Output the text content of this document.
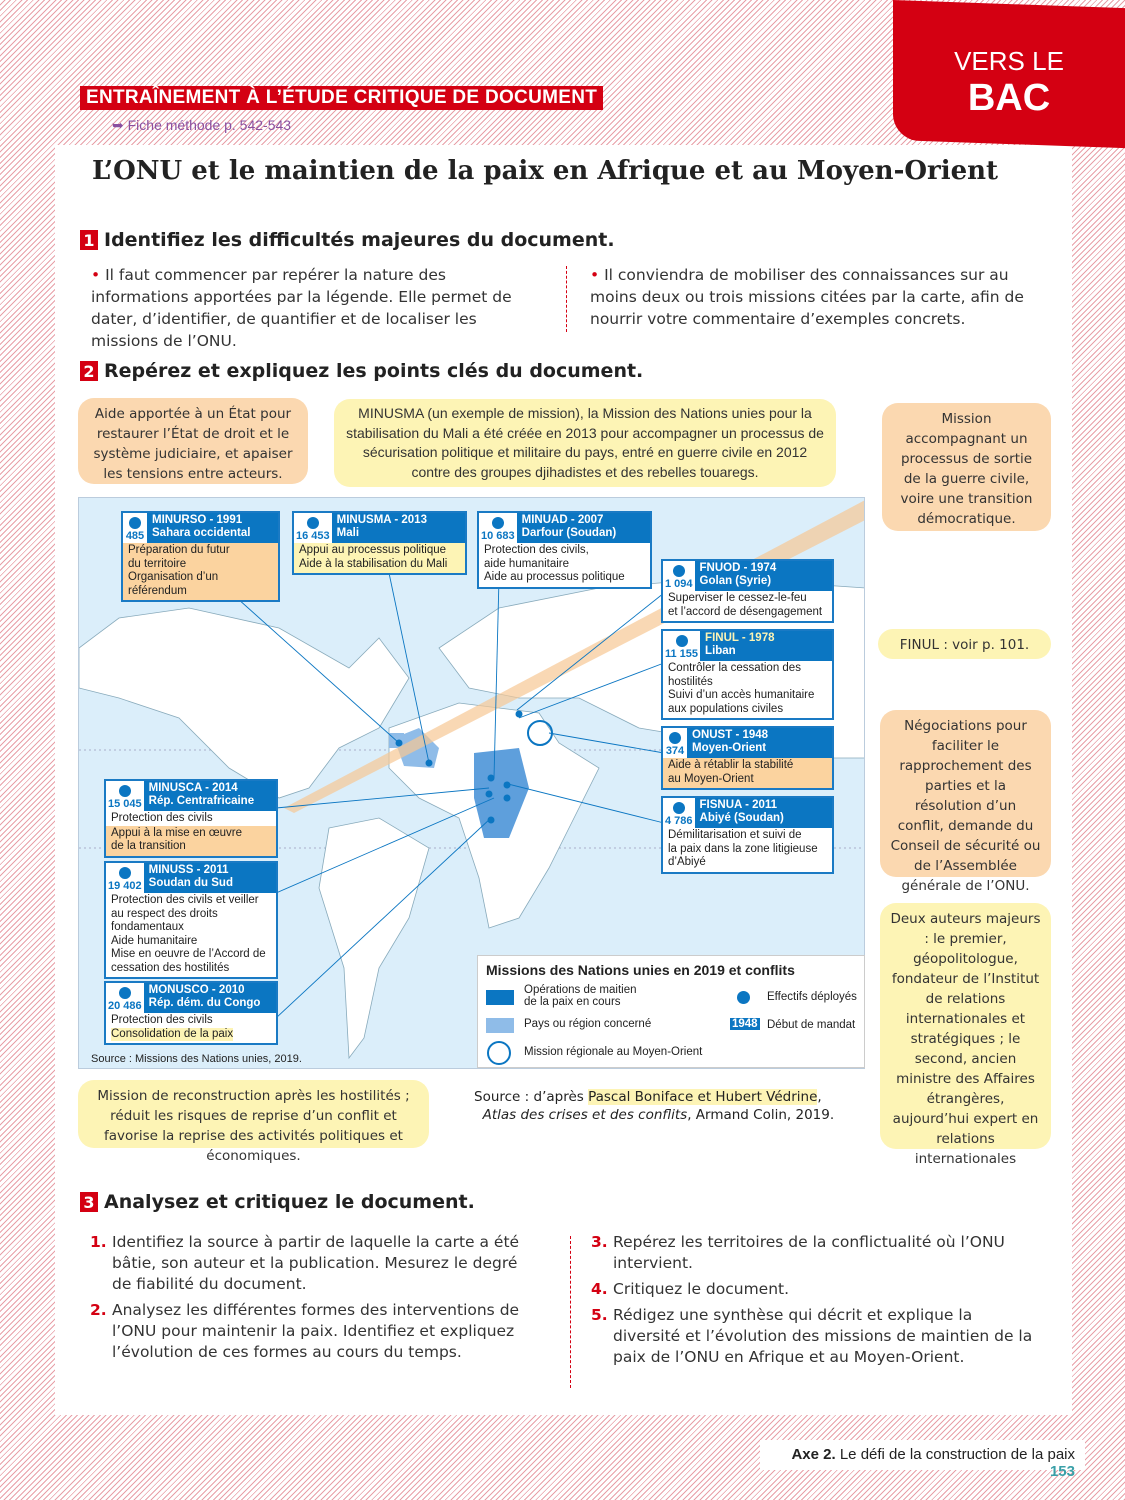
ENTRAÎNEMENT À L’ÉTUDE CRITIQUE DE DOCUMENT
➥ Fiche méthode p. 542-543
VERS LE
BAC
L’ONU et le maintien de la paix en Afrique et au Moyen-Orient
1 Identifiez les difficultés majeures du document.
• Il faut commencer par repérer la nature des informations apportées par la légende. Elle permet de dater, d’identifier, de quantifier et de localiser les missions de l’ONU.
• Il conviendra de mobiliser des connaissances sur au moins deux ou trois missions citées par la carte, afin de nourrir votre commentaire d’exemples concrets.
2 Repérez et expliquez les points clés du document.
Aide apportée à un État pour restaurer l’État de droit et le système judiciaire, et apaiser les tensions entre acteurs.
MINUSMA (un exemple de mission), la Mission des Nations unies pour la stabilisation du Mali a été créée en 2013 pour accompagner un processus de sécurisation politique et militaire du pays, entré en guerre civile en 2012 contre des groupes djihadistes et des rebelles touaregs.
Mission accompagnant un processus de sortie de la guerre civile, voire une transition démocratique.
FINUL : voir p. 101.
Négociations pour faciliter le rapprochement des parties et la résolution d’un conflit, demande du Conseil de sécurité ou de l’Assemblée générale de l’ONU.
Deux auteurs majeurs : le premier, géopolitologue, fondateur de l’Institut de relations internationales et stratégiques ; le second, ancien ministre des Affaires étrangères, aujourd’hui expert en relations internationales
Mission de reconstruction après les hostilités ; réduit les risques de reprise d’un conflit et favorise la reprise des activités politiques et économiques.
Source : Missions des Nations unies, 2019.
485
MINURSO - 1991
Sahara occidental
Préparation du futur
du territoire
Organisation d’un référendum
16 453
MINUSMA - 2013
Mali
Appui au processus politique
Aide à la stabilisation du Mali
10 683
MINUAD - 2007
Darfour (Soudan)
Protection des civils,
aide humanitaire
Aide au processus politique
1 094
FNUOD - 1974
Golan (Syrie)
Superviser le cessez-le-feu
et l’accord de désengagement
11 155
FINUL - 1978
Liban
Contrôler la cessation des
hostilités
Suivi d’un accès humanitaire
aux populations civiles
374
ONUST - 1948
Moyen-Orient
Aide à rétablir la stabilité
au Moyen-Orient
4 786
FISNUA - 2011
Abiyé (Soudan)
Démilitarisation et suivi de
la paix dans la zone litigieuse
d’Abiyé
15 045
MINUSCA - 2014
Rép. Centrafricaine
Protection des civils
Appui à la mise en œuvre
de la transition
19 402
MINUSS - 2011
Soudan du Sud
Protection des civils et veiller
au respect des droits
fondamentaux
Aide humanitaire
Mise en oeuvre de l’Accord de
cessation des hostilités
20 486
MONUSCO - 2010
Rép. dém. du Congo
Protection des civils
Consolidation de la paix
Missions des Nations unies en 2019 et conflits
Opérations de maitien de la paix en cours
Pays ou région concerné
Mission régionale au Moyen-Orient
Effectifs déployés
1948 Début de mandat
Source : d’après Pascal Boniface et Hubert Védrine,
Atlas des crises et des conflits, Armand Colin, 2019.
3 Analysez et critiquez le document.
1. Identifiez la source à partir de laquelle la carte a été bâtie, son auteur et la publication. Mesurez le degré de fiabilité du document.
2. Analysez les différentes formes des interventions de l’ONU pour maintenir la paix. Identifiez et expliquez l’évolution de ces formes au cours du temps.
3. Repérez les territoires de la conflictualité où l’ONU intervient.
4. Critiquez le document.
5. Rédigez une synthèse qui décrit et explique la diversité et l’évolution des missions de maintien de la paix de l’ONU en Afrique et au Moyen-Orient.
Axe 2. Le défi de la construction de la paix 153
